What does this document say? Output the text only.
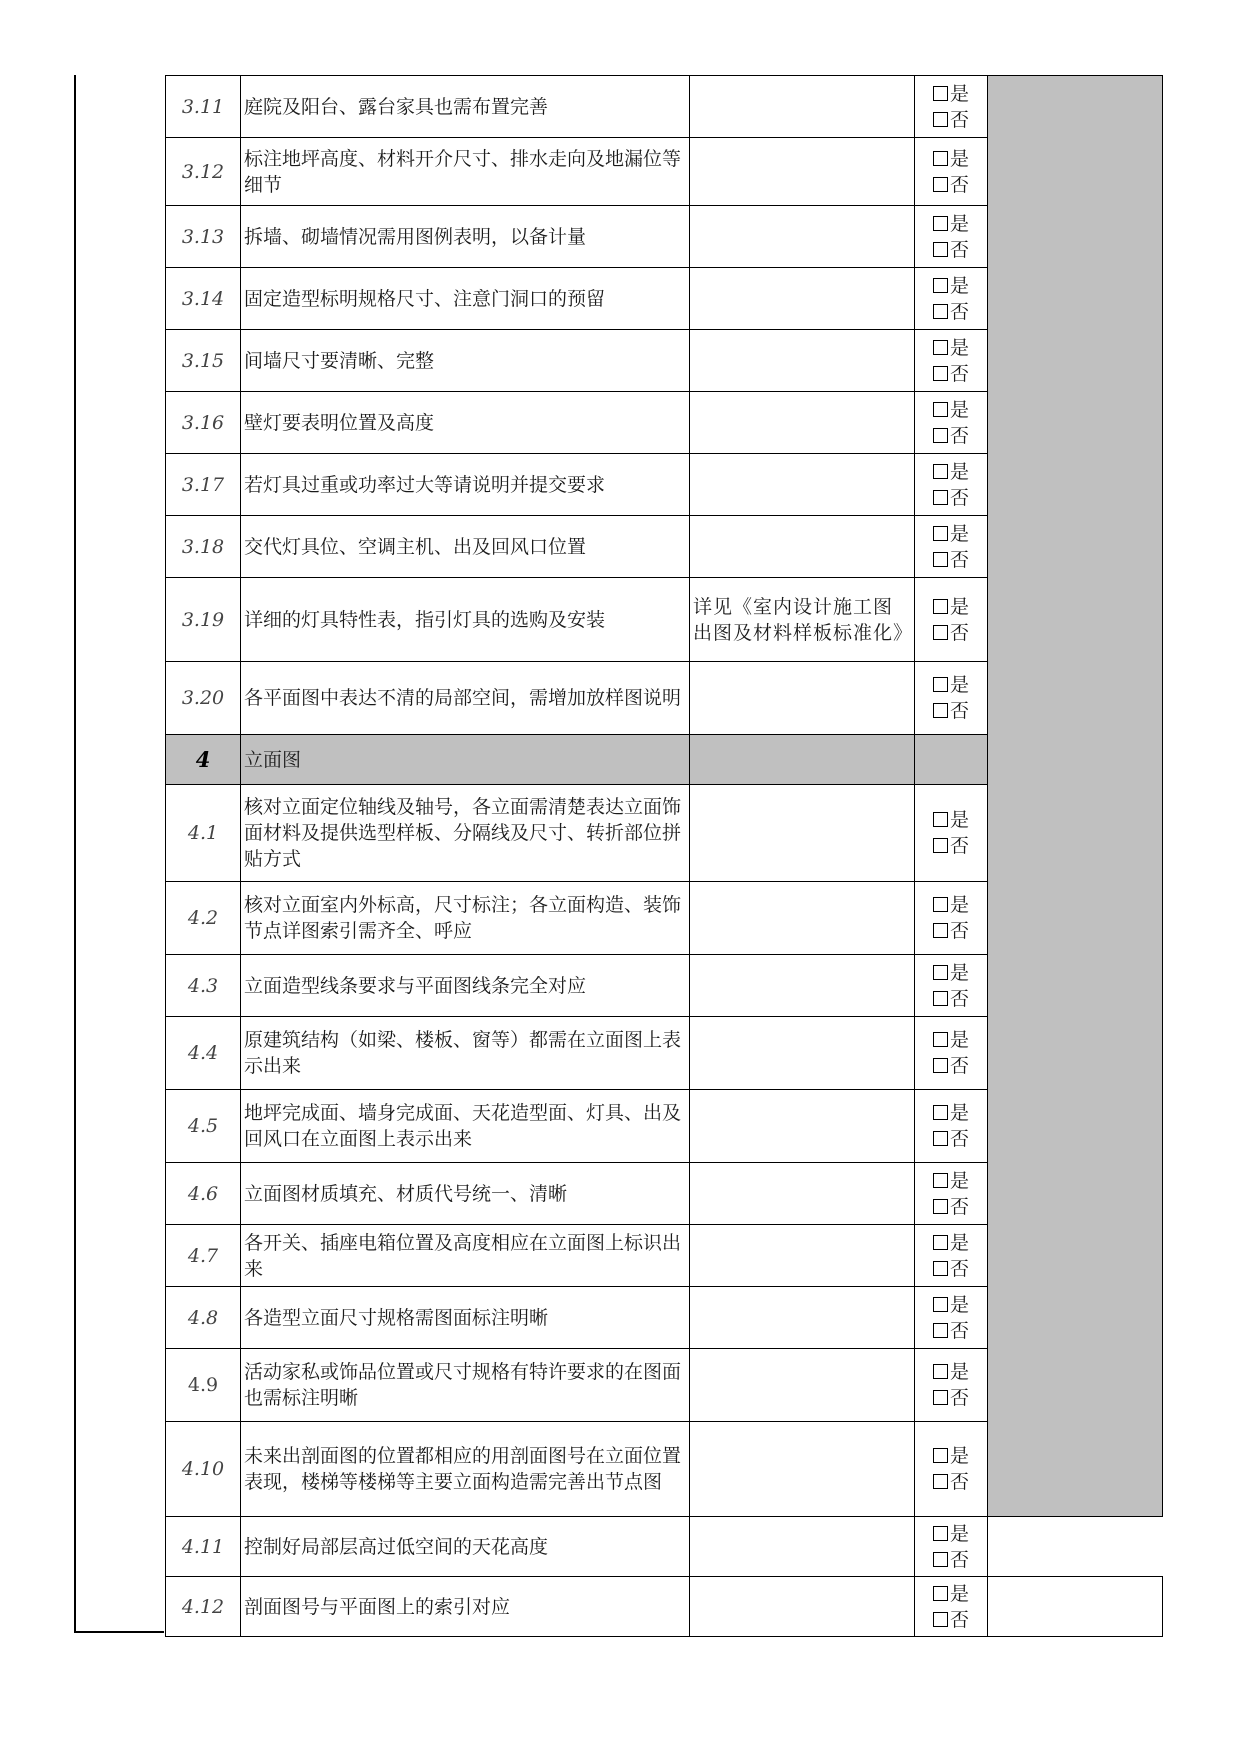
3.11	庭院及阳台、露台家具也需布置完善		是
否	

3.12	标注地坪高度、材料开介尺寸、排水走向及地漏位等细节		是
否	

3.13	拆墙、砌墙情况需用图例表明，以备计量		是
否	

3.14	固定造型标明规格尺寸、注意门洞口的预留		是
否	

3.15	间墙尺寸要清晰、完整		是
否	

3.16	壁灯要表明位置及高度		是
否	

3.17	若灯具过重或功率过大等请说明并提交要求		是
否	

3.18	交代灯具位、空调主机、出及回风口位置		是
否	

3.19	详细的灯具特性表，指引灯具的选购及安装	详见《室内设计施工图出图及材料样板标准化》	是
否	

3.20	各平面图中表达不清的局部空间，需增加放样图说明		是
否	

4	立面图			
4.1	核对立面定位轴线及轴号，各立面需清楚表达立面饰面材料及提供选型样板、分隔线及尺寸、转折部位拼贴方式		是
否	

4.2	核对立面室内外标高，尺寸标注；各立面构造、装饰节点详图索引需齐全、呼应		是
否	

4.3	立面造型线条要求与平面图线条完全对应		是
否	

4.4	原建筑结构（如梁、楼板、窗等）都需在立面图上表示出来		是
否	

4.5	地坪完成面、墙身完成面、天花造型面、灯具、出及回风口在立面图上表示出来		是
否	

4.6	立面图材质填充、材质代号统一、清晰		是
否	

4.7	各开关、插座电箱位置及高度相应在立面图上标识出来		是
否	

4.8	各造型立面尺寸规格需图面标注明晰		是
否	

4.9	活动家私或饰品位置或尺寸规格有特许要求的在图面也需标注明晰		是
否	

4.10	未来出剖面图的位置都相应的用剖面图号在立面位置表现，楼梯等楼梯等主要立面构造需完善出节点图		是
否	

4.11	控制好局部层高过低空间的天花高度		是
否	

4.12	剖面图号与平面图上的索引对应		是
否	
